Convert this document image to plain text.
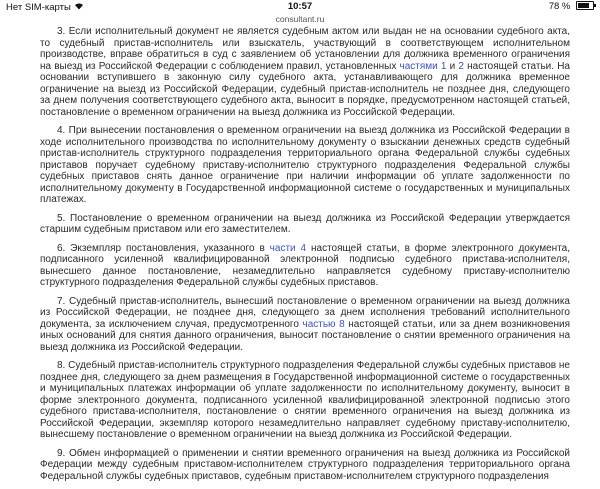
Нет SIM-карты	10:57	78 %
consultant.ru

3. Если исполнительный документ не является судебным актом или выдан не на основании судебного акта, то судебный пристав-исполнитель или взыскатель, участвующий в соответствующем исполнительном производстве, вправе обратиться в суд с заявлением об установлении для должника временного ограничения на выезд из Российской Федерации с соблюдением правил, установленных частями 1 и 2 настоящей статьи. На основании вступившего в законную силу судебного акта, устанавливающего для должника временное ограничение на выезд из Российской Федерации, судебный пристав-исполнитель не позднее дня, следующего за днем получения соответствующего судебного акта, выносит в порядке, предусмотренном настоящей статьей, постановление о временном ограничении на выезд должника из Российской Федерации.

4. При вынесении постановления о временном ограничении на выезд должника из Российской Федерации в ходе исполнительного производства по исполнительному документу о взыскании денежных средств судебный пристав-исполнитель структурного подразделения территориального органа Федеральной службы судебных приставов поручает судебному приставу-исполнителю структурного подразделения Федеральной службы судебных приставов снять данное ограничение при наличии информации об уплате задолженности по исполнительному документу в Государственной информационной системе о государственных и муниципальных платежах.

5. Постановление о временном ограничении на выезд должника из Российской Федерации утверждается старшим судебным приставом или его заместителем.

6. Экземпляр постановления, указанного в части 4 настоящей статьи, в форме электронного документа, подписанного усиленной квалифицированной электронной подписью судебного пристава-исполнителя, вынесшего данное постановление, незамедлительно направляется судебному приставу-исполнителю структурного подразделения Федеральной службы судебных приставов.

7. Судебный пристав-исполнитель, вынесший постановление о временном ограничении на выезд должника из Российской Федерации, не позднее дня, следующего за днем исполнения требований исполнительного документа, за исключением случая, предусмотренного частью 8 настоящей статьи, или за днем возникновения иных оснований для снятия данного ограничения, выносит постановление о снятии временного ограничения на выезд должника из Российской Федерации.

8. Судебный пристав-исполнитель структурного подразделения Федеральной службы судебных приставов не позднее дня, следующего за днем размещения в Государственной информационной системе о государственных и муниципальных платежах информации об уплате задолженности по исполнительному документу, выносит в форме электронного документа, подписанного усиленной квалифицированной электронной подписью этого судебного пристава-исполнителя, постановление о снятии временного ограничения на выезд должника из Российской Федерации, экземпляр которого незамедлительно направляет судебному приставу-исполнителю, вынесшему постановление о временном ограничении на выезд должника из Российской Федерации.

9. Обмен информацией о применении и снятии временного ограничения на выезд должника из Российской Федерации между судебным приставом-исполнителем структурного подразделения территориального органа Федеральной службы судебных приставов, судебным приставом-исполнителем структурного подразделения
